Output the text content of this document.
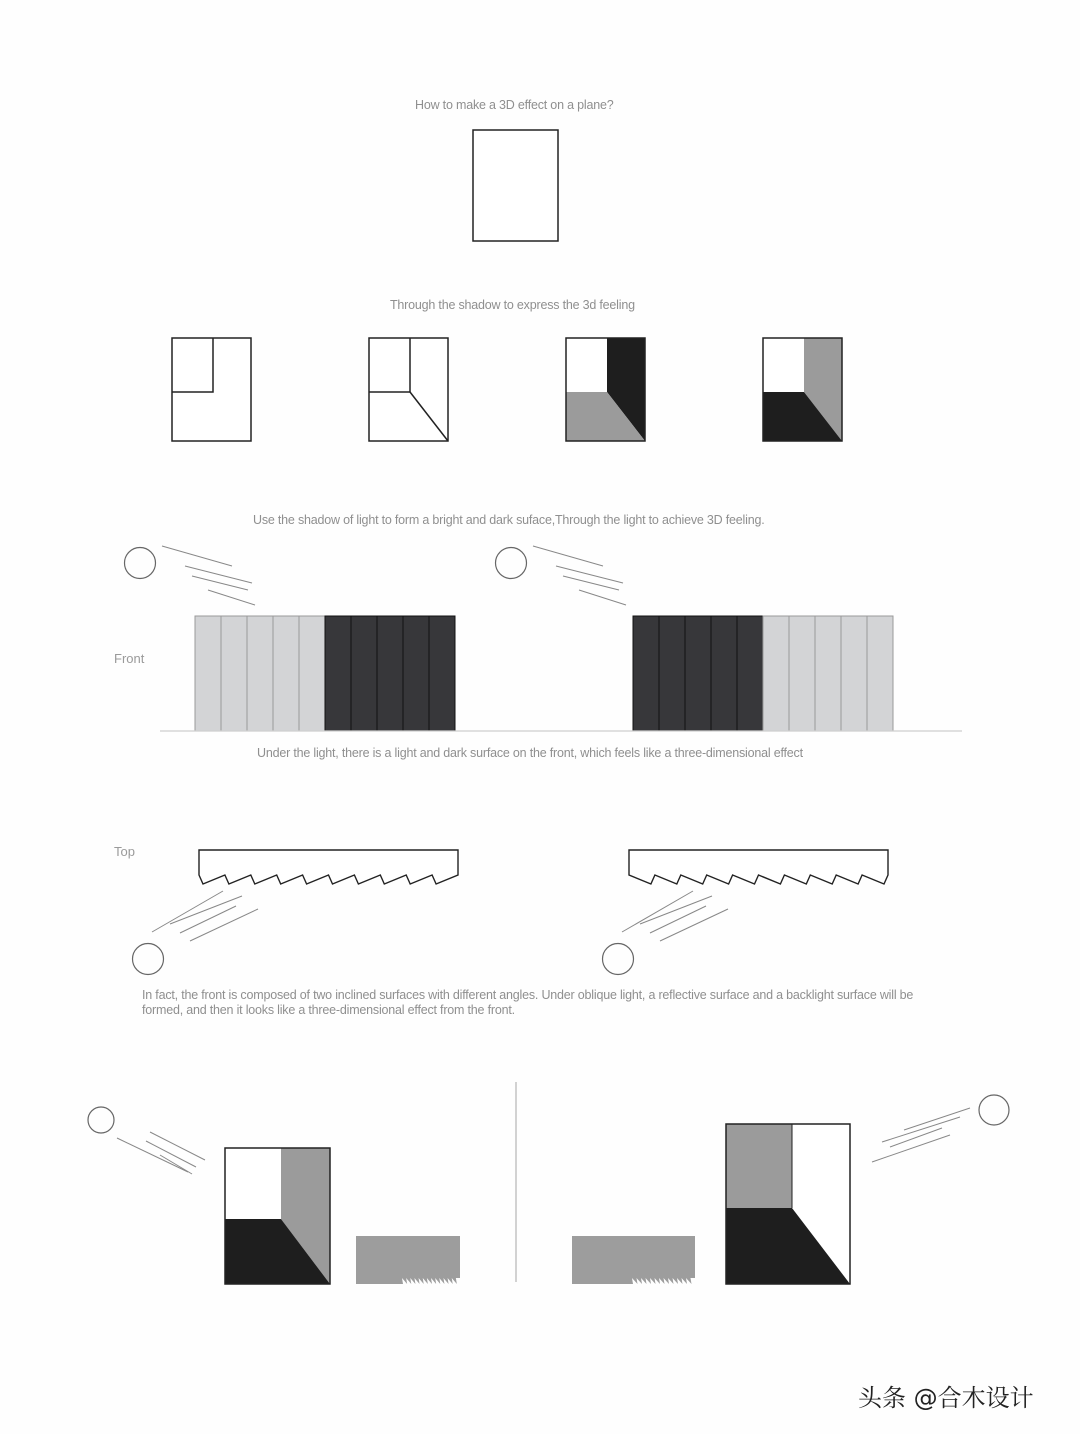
How to make a 3D effect on a plane?
Through the shadow to express the 3d feeling
Use the shadow of light to form a bright and dark suface,Through the light to achieve 3D feeling.
Under the light, there is a light and dark surface on the front, which feels like a three-dimensional effect
In fact, the front is composed of two inclined surfaces with different angles. Under oblique light, a reflective surface and a backlight surface will be
formed, and then it looks like a three-dimensional effect from the front.
Front
Top
头条 @合木设计
